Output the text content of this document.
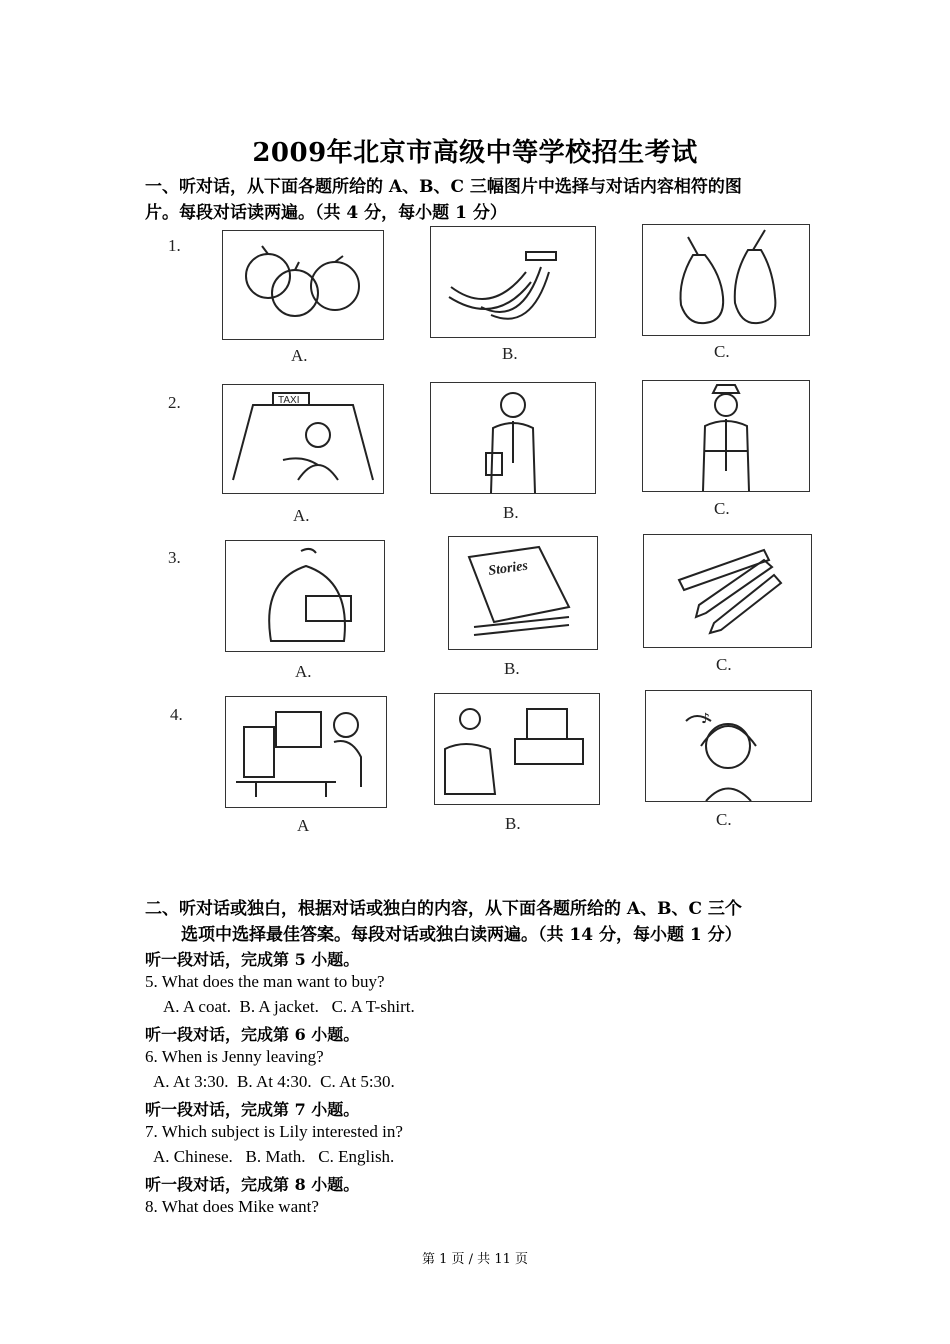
2009年北京市高级中等学校招生考试
一、听对话，从下面各题所给的 A、B、C 三幅图片中选择与对话内容相符的图
片。每段对话读两遍。（共 4 分，每小题 1 分）
1.
A.	B.	C.
2.	TAXI
A.	B.	C.
3.
Stories
A.	B.	C.
4.	♪
A	B.	C.
二、听对话或独白，根据对话或独白的内容，从下面各题所给的 A、B、C 三个
选项中选择最佳答案。每段对话或独白读两遍。（共 14 分，每小题 1 分）
听一段对话，完成第 5 小题。
5. What does the man want to buy?
A. A coat.  B. A jacket.   C. A T-shirt.
听一段对话，完成第 6 小题。
6. When is Jenny leaving?
A. At 3:30.  B. At 4:30.  C. At 5:30.
听一段对话，完成第 7 小题。
7. Which subject is Lily interested in?
A. Chinese.   B. Math.   C. English.
听一段对话，完成第 8 小题。
8. What does Mike want?
第 1 页 / 共 11 页
